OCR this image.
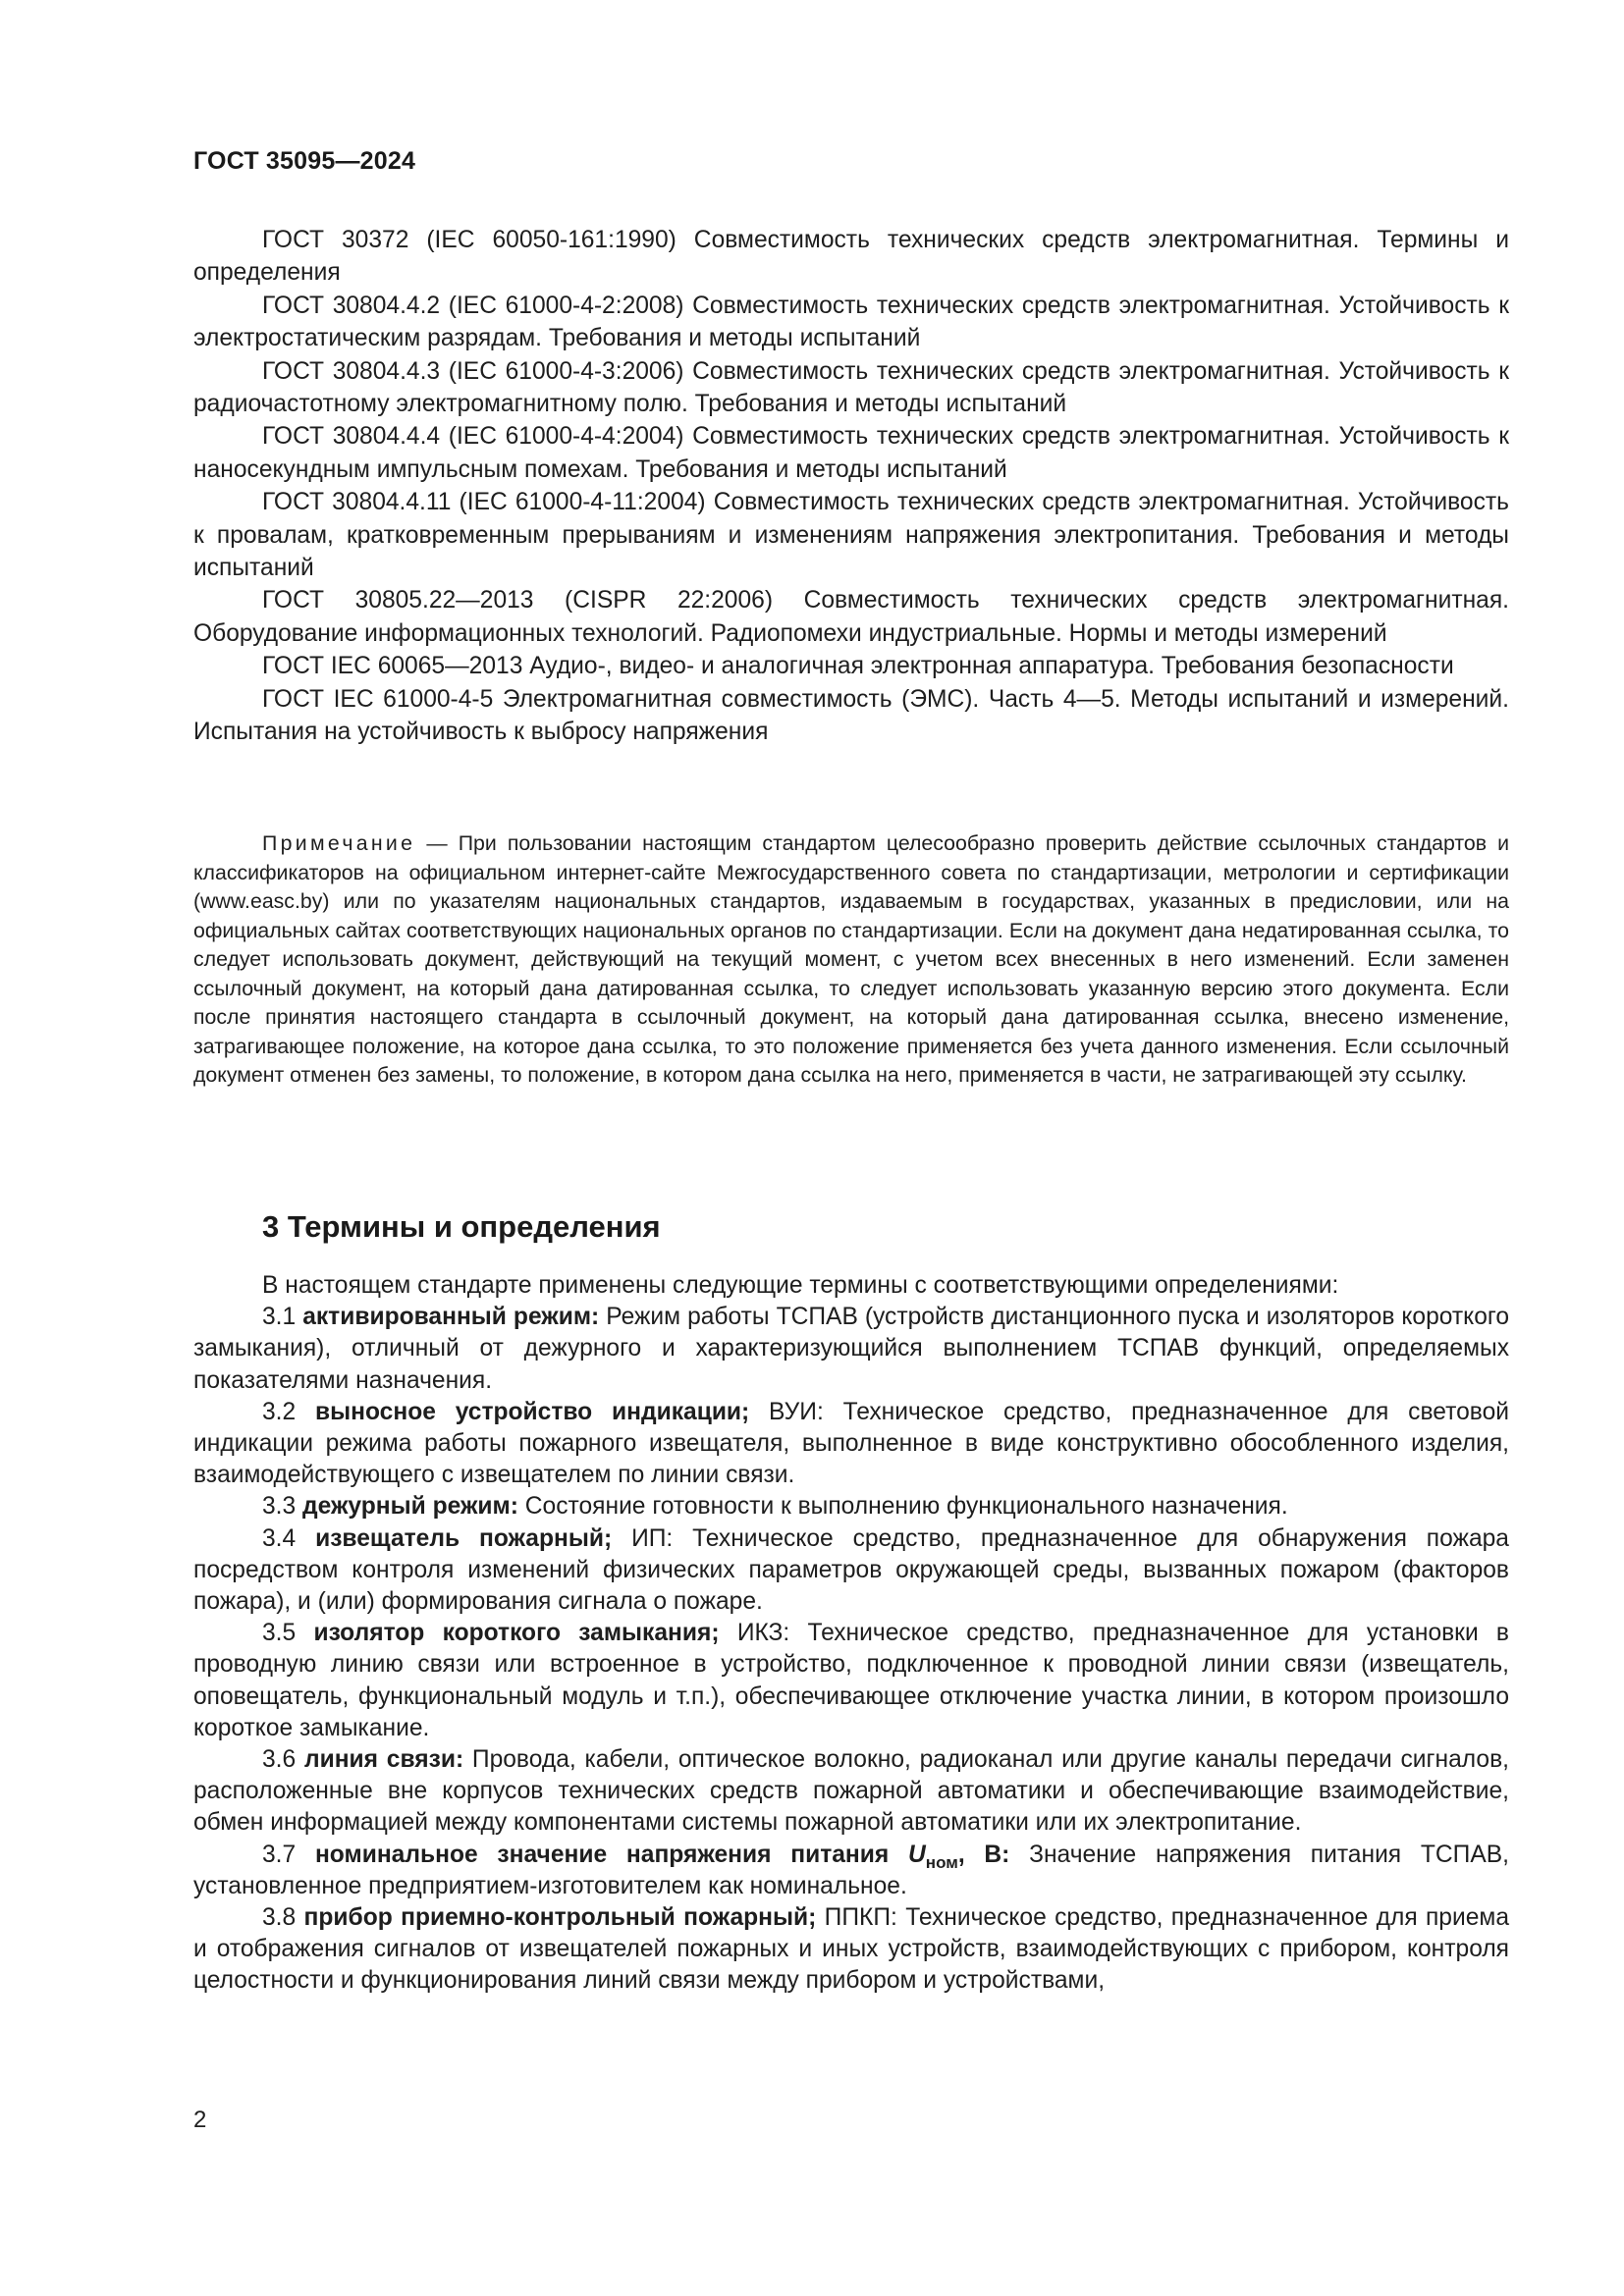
ГОСТ 35095—2024

ГОСТ 30372 (IEC 60050-161:1990) Совместимость технических средств электромагнитная. Термины и определения

ГОСТ 30804.4.2 (IEC 61000-4-2:2008) Совместимость технических средств электромагнитная. Устойчивость к электростатическим разрядам. Требования и методы испытаний

ГОСТ 30804.4.3 (IEC 61000-4-3:2006) Совместимость технических средств электромагнитная. Устойчивость к радиочастотному электромагнитному полю. Требования и методы испытаний

ГОСТ 30804.4.4 (IEC 61000-4-4:2004) Совместимость технических средств электромагнитная. Устойчивость к наносекундным импульсным помехам. Требования и методы испытаний

ГОСТ 30804.4.11 (IEC 61000-4-11:2004) Совместимость технических средств электромагнитная. Устойчивость к провалам, кратковременным прерываниям и изменениям напряжения электропитания. Требования и методы испытаний

ГОСТ 30805.22—2013 (CISPR 22:2006) Совместимость технических средств электромагнитная. Оборудование информационных технологий. Радиопомехи индустриальные. Нормы и методы измерений

ГОСТ IEC 60065—2013 Аудио-, видео- и аналогичная электронная аппаратура. Требования безопасности

ГОСТ IEC 61000-4-5 Электромагнитная совместимость (ЭМС). Часть 4—5. Методы испытаний и измерений. Испытания на устойчивость к выбросу напряжения

Примечание — При пользовании настоящим стандартом целесообразно проверить действие ссылочных стандартов и классификаторов на официальном интернет-сайте Межгосударственного совета по стандартизации, метрологии и сертификации (www.easc.by) или по указателям национальных стандартов, издаваемым в государствах, указанных в предисловии, или на официальных сайтах соответствующих национальных органов по стандартизации. Если на документ дана недатированная ссылка, то следует использовать документ, действующий на текущий момент, с учетом всех внесенных в него изменений. Если заменен ссылочный документ, на который дана датированная ссылка, то следует использовать указанную версию этого документа. Если после принятия настоящего стандарта в ссылочный документ, на который дана датированная ссылка, внесено изменение, затрагивающее положение, на которое дана ссылка, то это положение применяется без учета данного изменения. Если ссылочный документ отменен без замены, то положение, в котором дана ссылка на него, применяется в части, не затрагивающей эту ссылку.

3 Термины и определения

В настоящем стандарте применены следующие термины с соответствующими определениями:

3.1 активированный режим: Режим работы ТСПАВ (устройств дистанционного пуска и изоляторов короткого замыкания), отличный от дежурного и характеризующийся выполнением ТСПАВ функций, определяемых показателями назначения.

3.2 выносное устройство индикации; ВУИ: Техническое средство, предназначенное для световой индикации режима работы пожарного извещателя, выполненное в виде конструктивно обособленного изделия, взаимодействующего с извещателем по линии связи.

3.3 дежурный режим: Состояние готовности к выполнению функционального назначения.

3.4 извещатель пожарный; ИП: Техническое средство, предназначенное для обнаружения пожара посредством контроля изменений физических параметров окружающей среды, вызванных пожаром (факторов пожара), и (или) формирования сигнала о пожаре.

3.5 изолятор короткого замыкания; ИКЗ: Техническое средство, предназначенное для установки в проводную линию связи или встроенное в устройство, подключенное к проводной линии связи (извещатель, оповещатель, функциональный модуль и т.п.), обеспечивающее отключение участка линии, в котором произошло короткое замыкание.

3.6 линия связи: Провода, кабели, оптическое волокно, радиоканал или другие каналы передачи сигналов, расположенные вне корпусов технических средств пожарной автоматики и обеспечивающие взаимодействие, обмен информацией между компонентами системы пожарной автоматики или их электропитание.

3.7 номинальное значение напряжения питания $U_{ном}$, В: Значение напряжения питания ТСПАВ, установленное предприятием-изготовителем как номинальное.

3.8 прибор приемно-контрольный пожарный; ППКП: Техническое средство, предназначенное для приема и отображения сигналов от извещателей пожарных и иных устройств, взаимодействующих с прибором, контроля целостности и функционирования линий связи между прибором и устройствами,

2
